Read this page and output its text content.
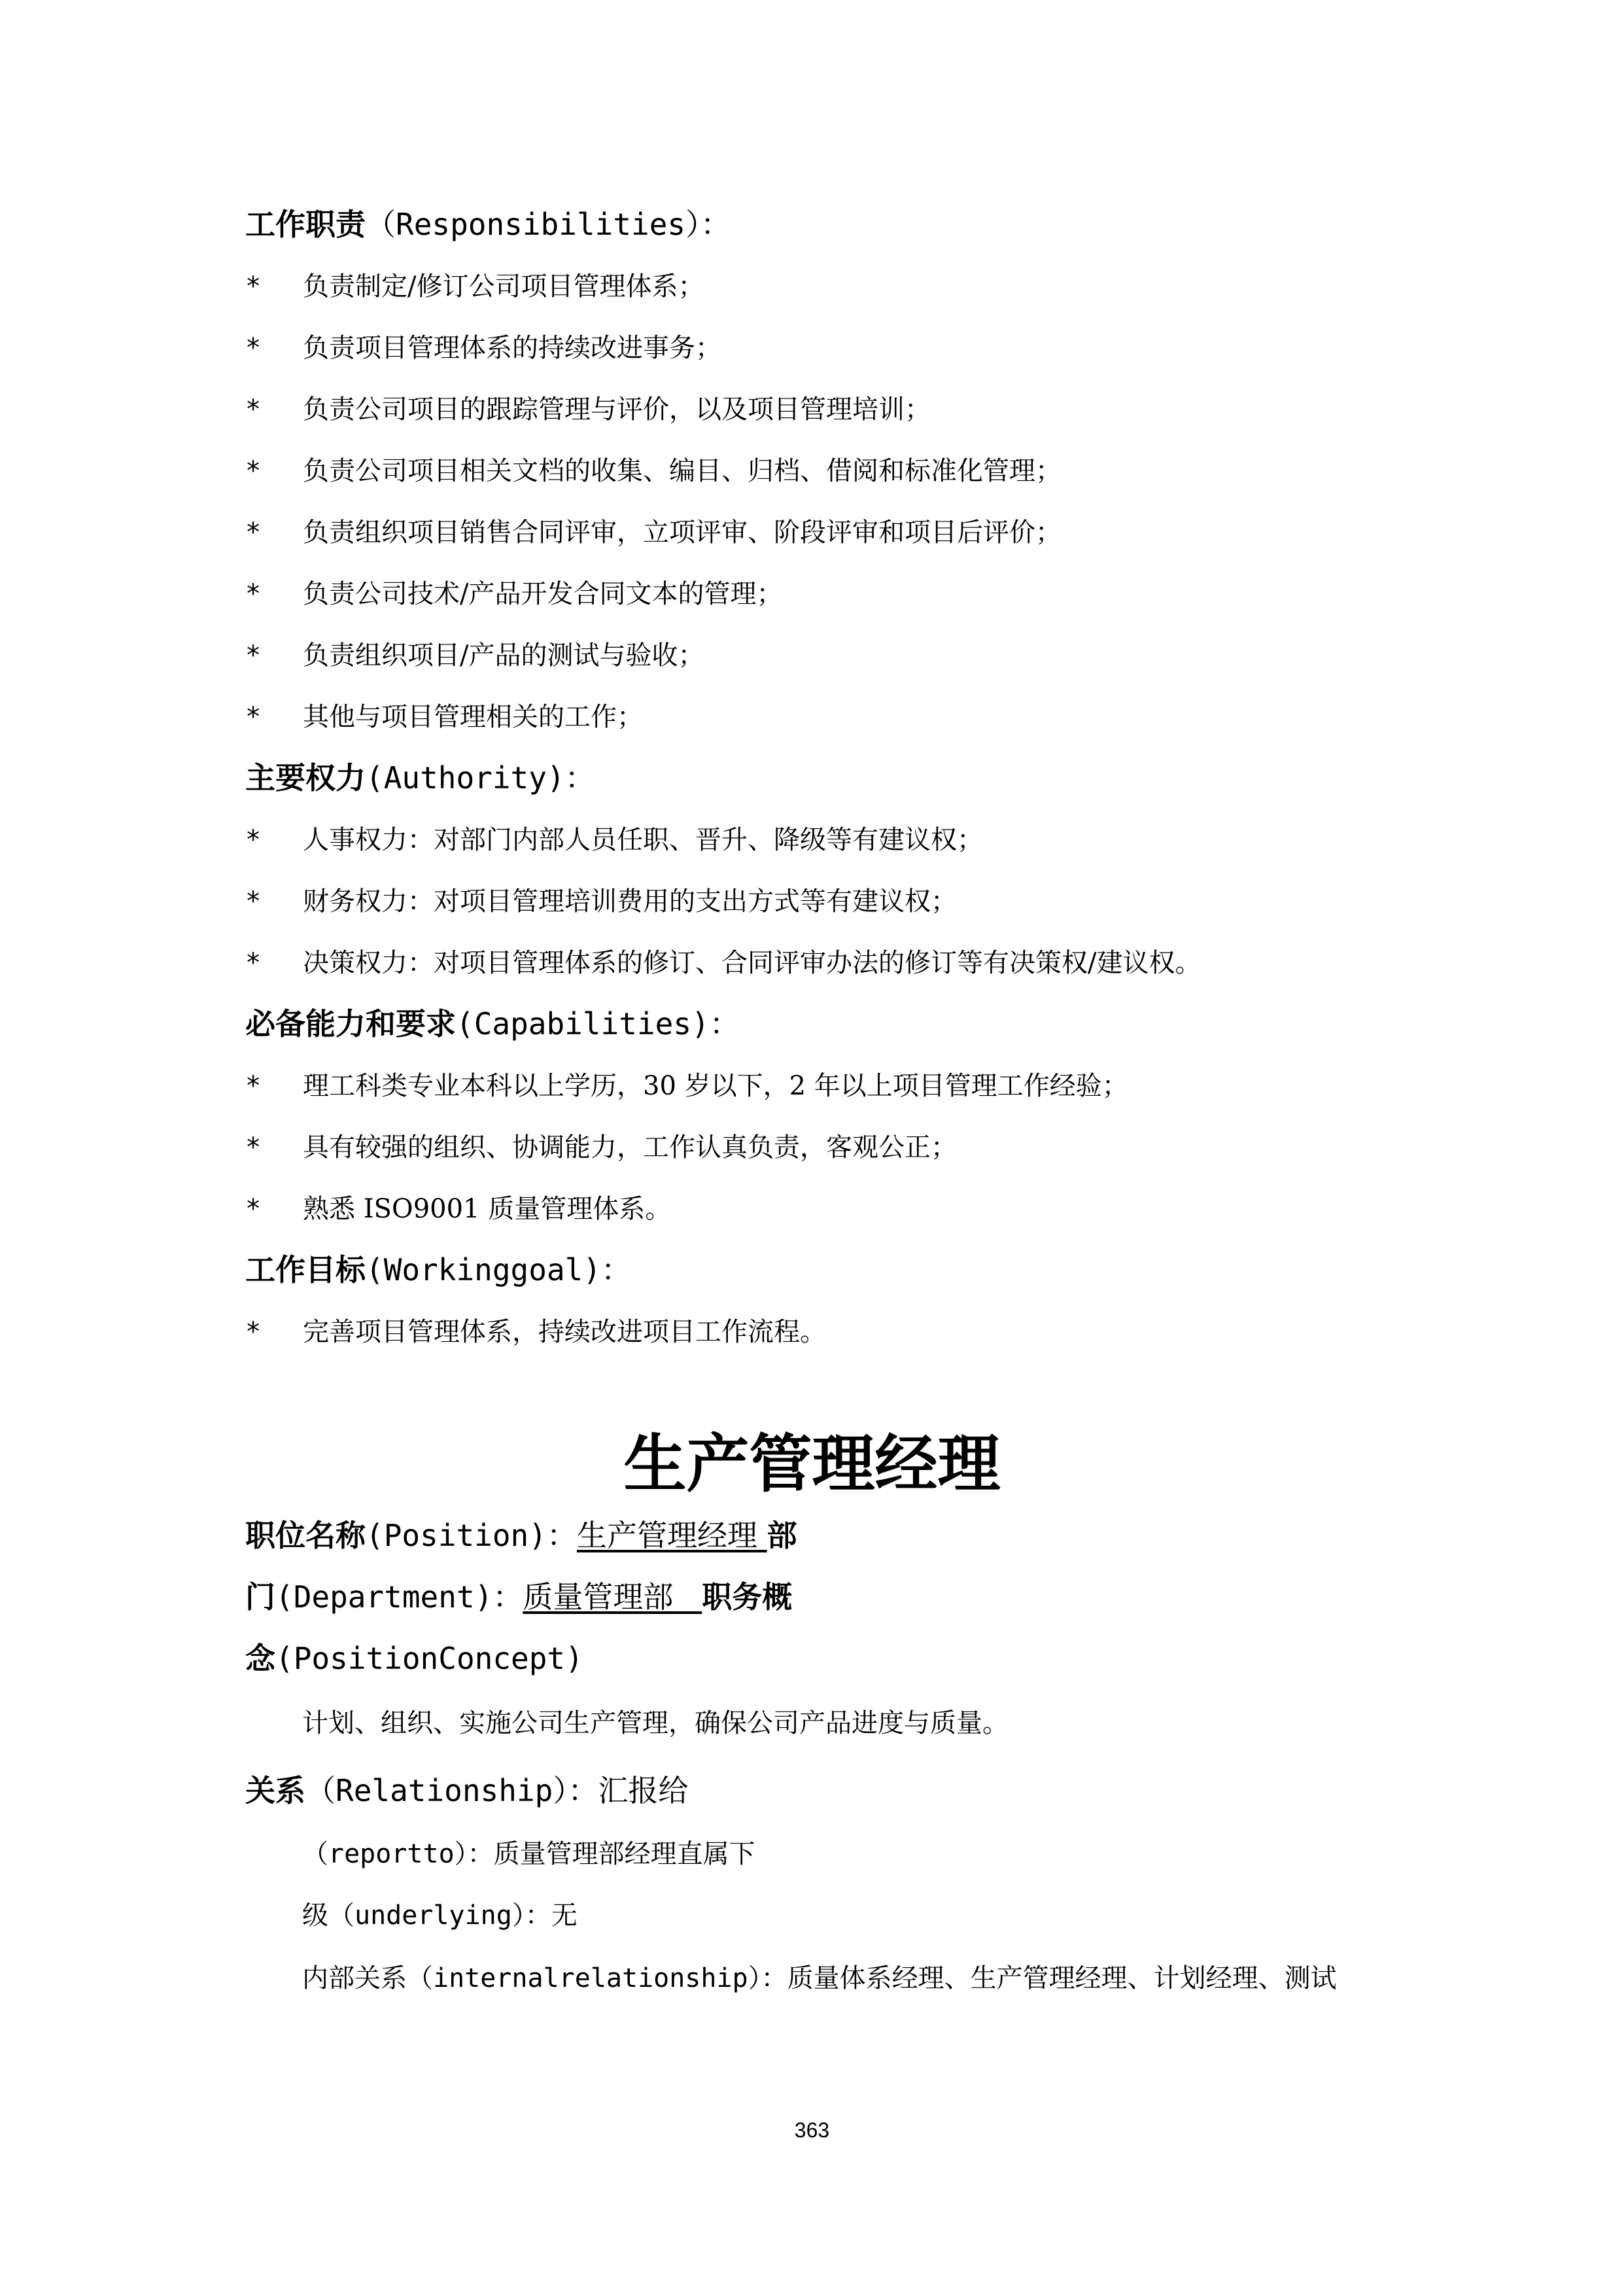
工作职责（Responsibilities）：
* 负责制定/修订公司项目管理体系；
* 负责项目管理体系的持续改进事务；
* 负责公司项目的跟踪管理与评价，以及项目管理培训；
* 负责公司项目相关文档的收集、编目、归档、借阅和标准化管理；
* 负责组织项目销售合同评审，立项评审、阶段评审和项目后评价；
* 负责公司技术/产品开发合同文本的管理；
* 负责组织项目/产品的测试与验收；
* 其他与项目管理相关的工作；
主要权力(Authority)：
* 人事权力：对部门内部人员任职、晋升、降级等有建议权；
* 财务权力：对项目管理培训费用的支出方式等有建议权；
* 决策权力：对项目管理体系的修订、合同评审办法的修订等有决策权/建议权。
必备能力和要求(Capabilities)：
* 理工科类专业本科以上学历，30 岁以下，2 年以上项目管理工作经验；
* 具有较强的组织、协调能力，工作认真负责，客观公正；
* 熟悉 ISO9001 质量管理体系。
工作目标(Workinggoal)：
* 完善项目管理体系，持续改进项目工作流程。
生产管理经理
职位名称(Position)：生产管理经理 部
门(Department)：质量管理部   职务概
念(PositionConcept)
计划、组织、实施公司生产管理，确保公司产品进度与质量。
关系（Relationship）：汇报给
（reportto）：质量管理部经理直属下
级（underlying）：无
内部关系（internalrelationship）：质量体系经理、生产管理经理、计划经理、测试
363
